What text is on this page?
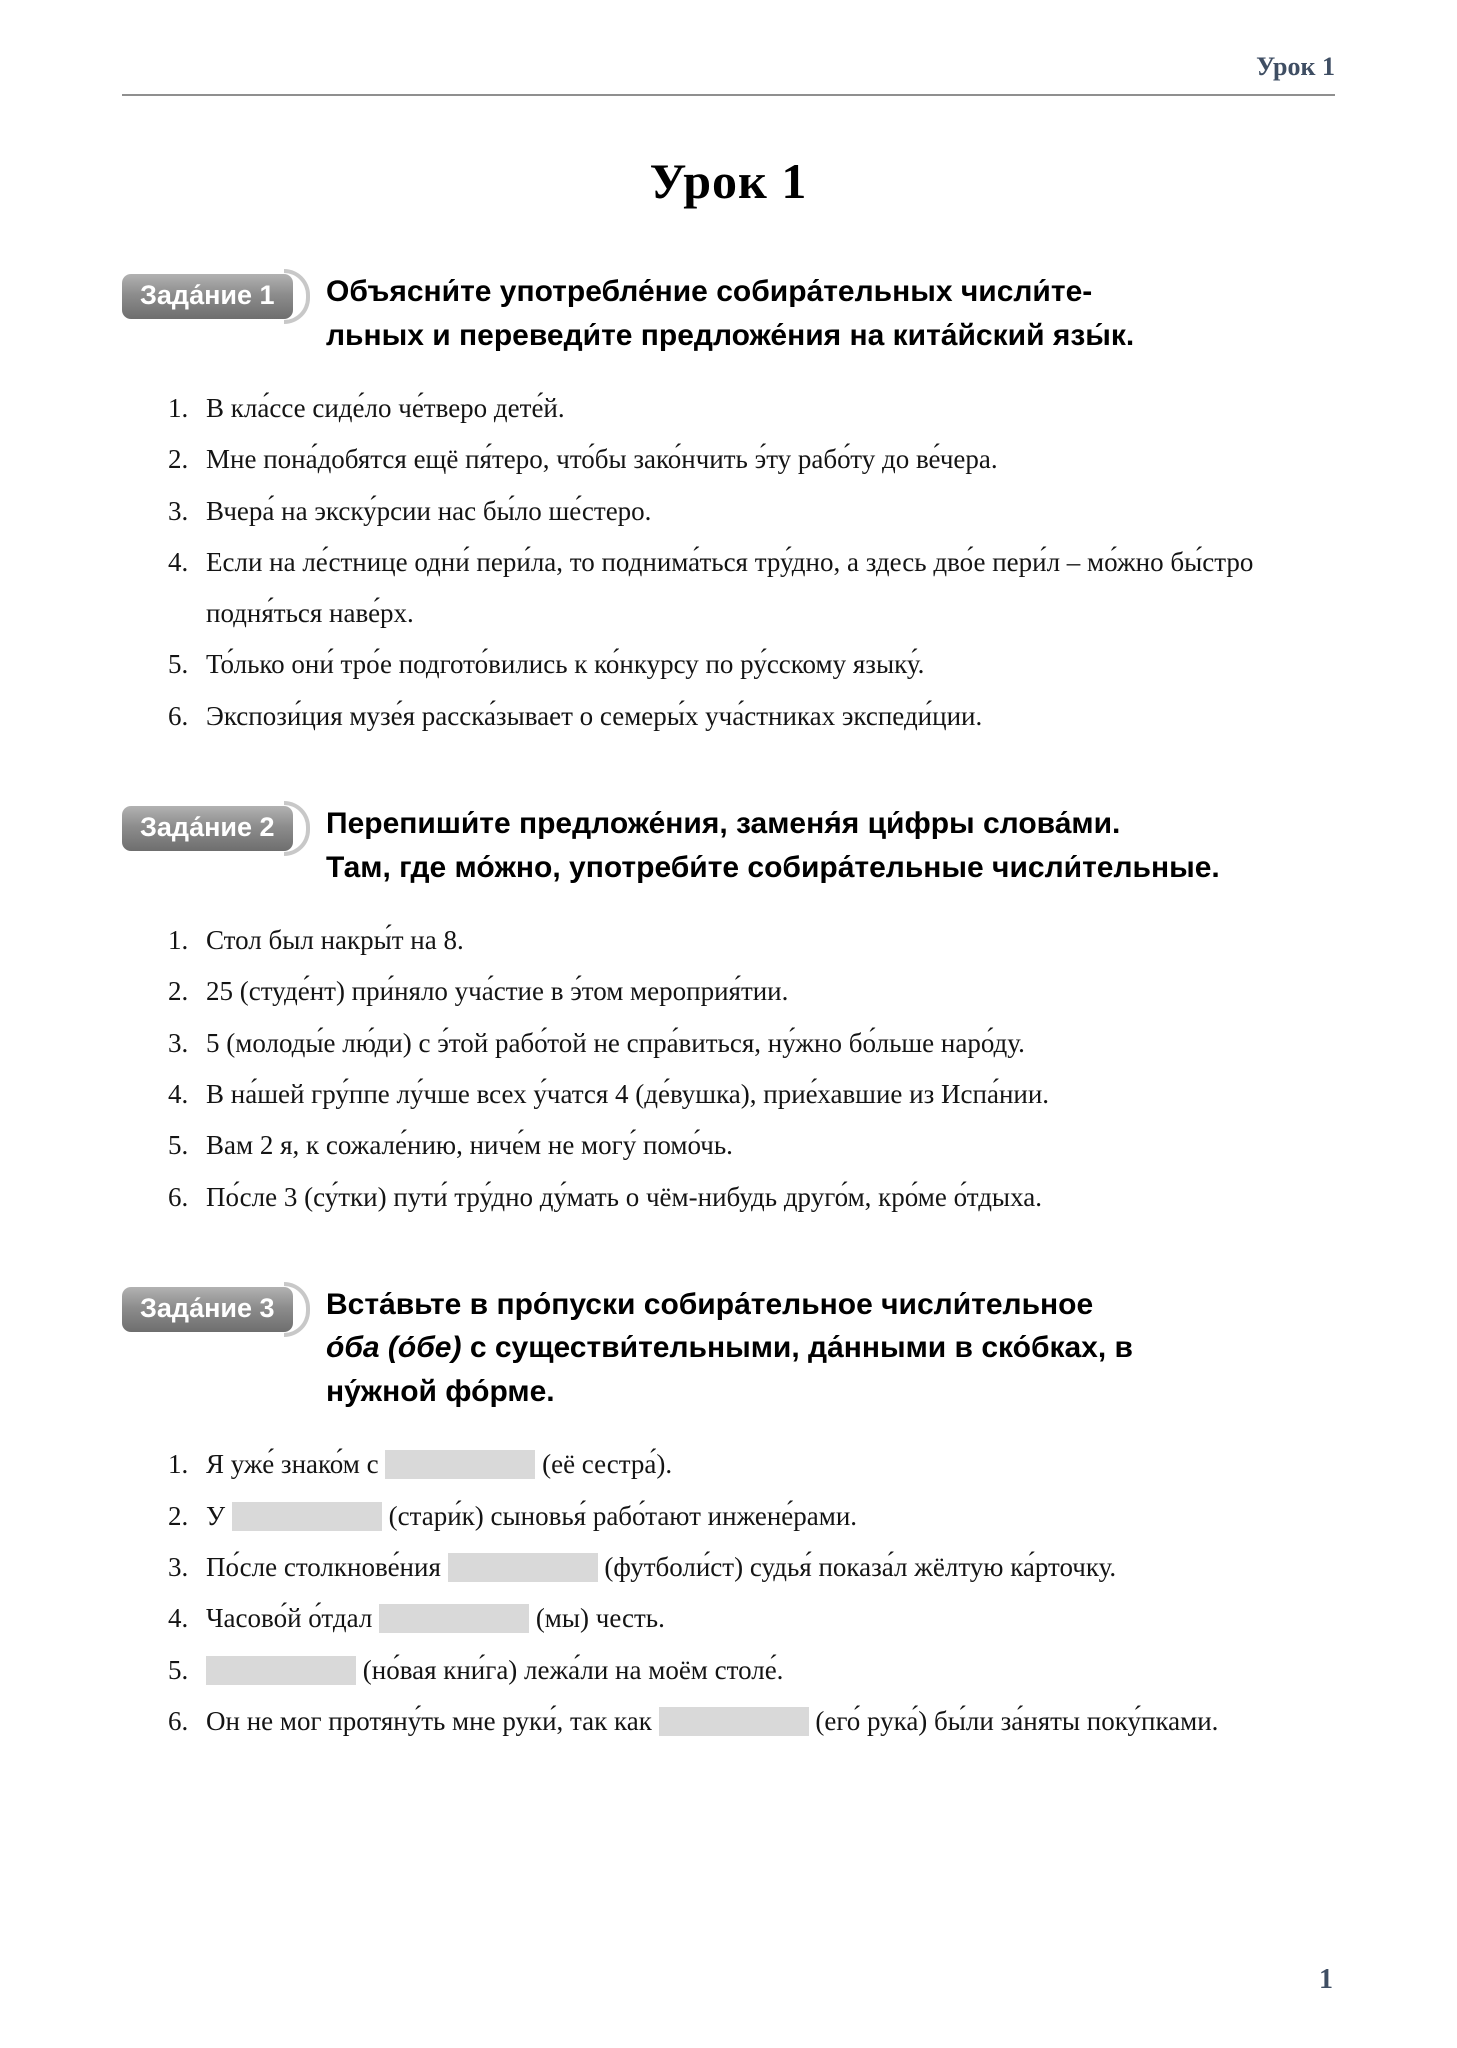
Урок 1
Урок 1
Зада́ние 1	Объясни́те употребле́ние собира́тельных числи́те-
льных и переведи́те предложе́ния на кита́йский язы́к.
1. В кла́ссе сиде́ло че́тверо дете́й.
2. Мне пона́добятся ещё пя́теро, что́бы зако́нчить э́ту рабо́ту до ве́чера.
3. Вчера́ на экску́рсии нас бы́ло ше́стеро.
4. Если на ле́стнице одни́ пери́ла, то поднима́ться тру́дно, а здесь дво́е пери́л – мо́жно бы́стро подня́ться наве́рх.
5. То́лько они́ тро́е подгото́вились к ко́нкурсу по ру́сскому языку́.
6. Экспози́ция музе́я расска́зывает о семеры́х уча́стниках экспеди́ции.
Зада́ние 2	Перепиши́те предложе́ния, заменя́я ци́фры слова́ми.
Там, где мо́жно, употреби́те собира́тельные числи́тельные.
1. Стол был накры́т на 8.
2. 25 (студе́нт) при́няло уча́стие в э́том мероприя́тии.
3. 5 (молоды́е лю́ди) с э́той рабо́той не спра́виться, ну́жно бо́льше наро́ду.
4. В на́шей гру́ппе лу́чше всех у́чатся 4 (де́вушка), прие́хавшие из Испа́нии.
5. Вам 2 я, к сожале́нию, ниче́м не могу́ помо́чь.
6. По́сле 3 (су́тки) пути́ тру́дно ду́мать о чём-нибудь друго́м, кро́ме о́тдыха.
Зада́ние 3	Вста́вьте в про́пуски собира́тельное числи́тельное
о́ба (о́бе) с существи́тельными, да́нными в ско́бках, в
ну́жной фо́рме.
1. Я уже́ знако́м с	(её сестра́).
2. У	(стари́к) сыновья́ рабо́тают инжене́рами.
3. По́сле столкнове́ния	(футболи́ст) судья́ показа́л жёлтую ка́рточку.
4. Часово́й о́тдал	(мы) честь.
5.	(но́вая кни́га) лежа́ли на моём столе́.
6. Он не мог протяну́ть мне руки́, так как	(его́ рука́) бы́ли за́няты поку́пками.
1
